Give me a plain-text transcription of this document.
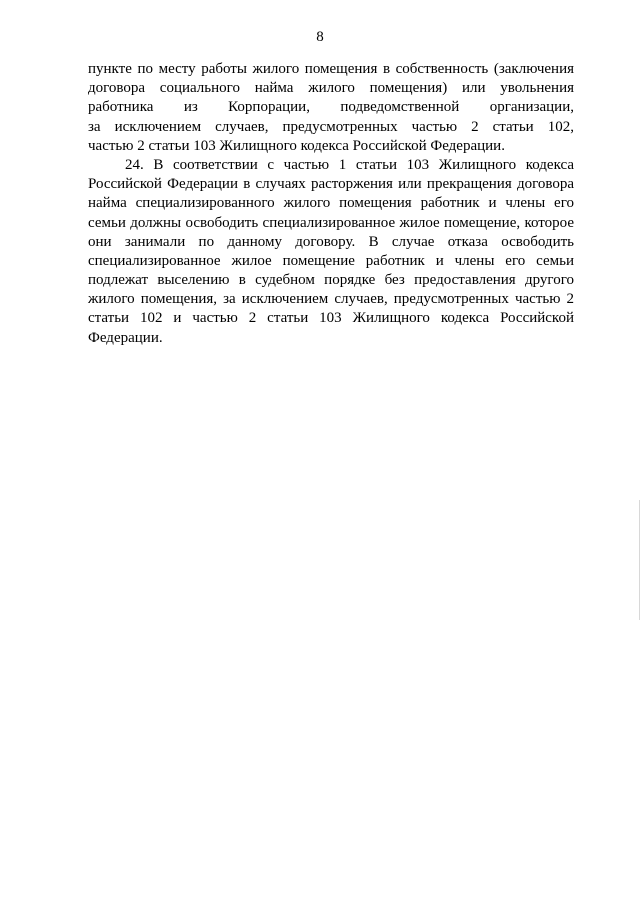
8
пункте по месту работы жилого помещения в собственность (заключения
договора социального найма жилого помещения) или увольнения
работника из Корпорации, подведомственной организации,
за исключением случаев, предусмотренных частью 2 статьи 102,
частью 2 статьи 103 Жилищного кодекса Российской Федерации.
24. В соответствии с частью 1 статьи 103 Жилищного кодекса
Российской Федерации в случаях расторжения или прекращения договора
найма специализированного жилого помещения работник и члены его
семьи должны освободить специализированное жилое помещение, которое
они занимали по данному договору. В случае отказа освободить
специализированное жилое помещение работник и члены его семьи
подлежат выселению в судебном порядке без предоставления другого
жилого помещения, за исключением случаев, предусмотренных частью 2
статьи 102 и частью 2 статьи 103 Жилищного кодекса Российской
Федерации.
